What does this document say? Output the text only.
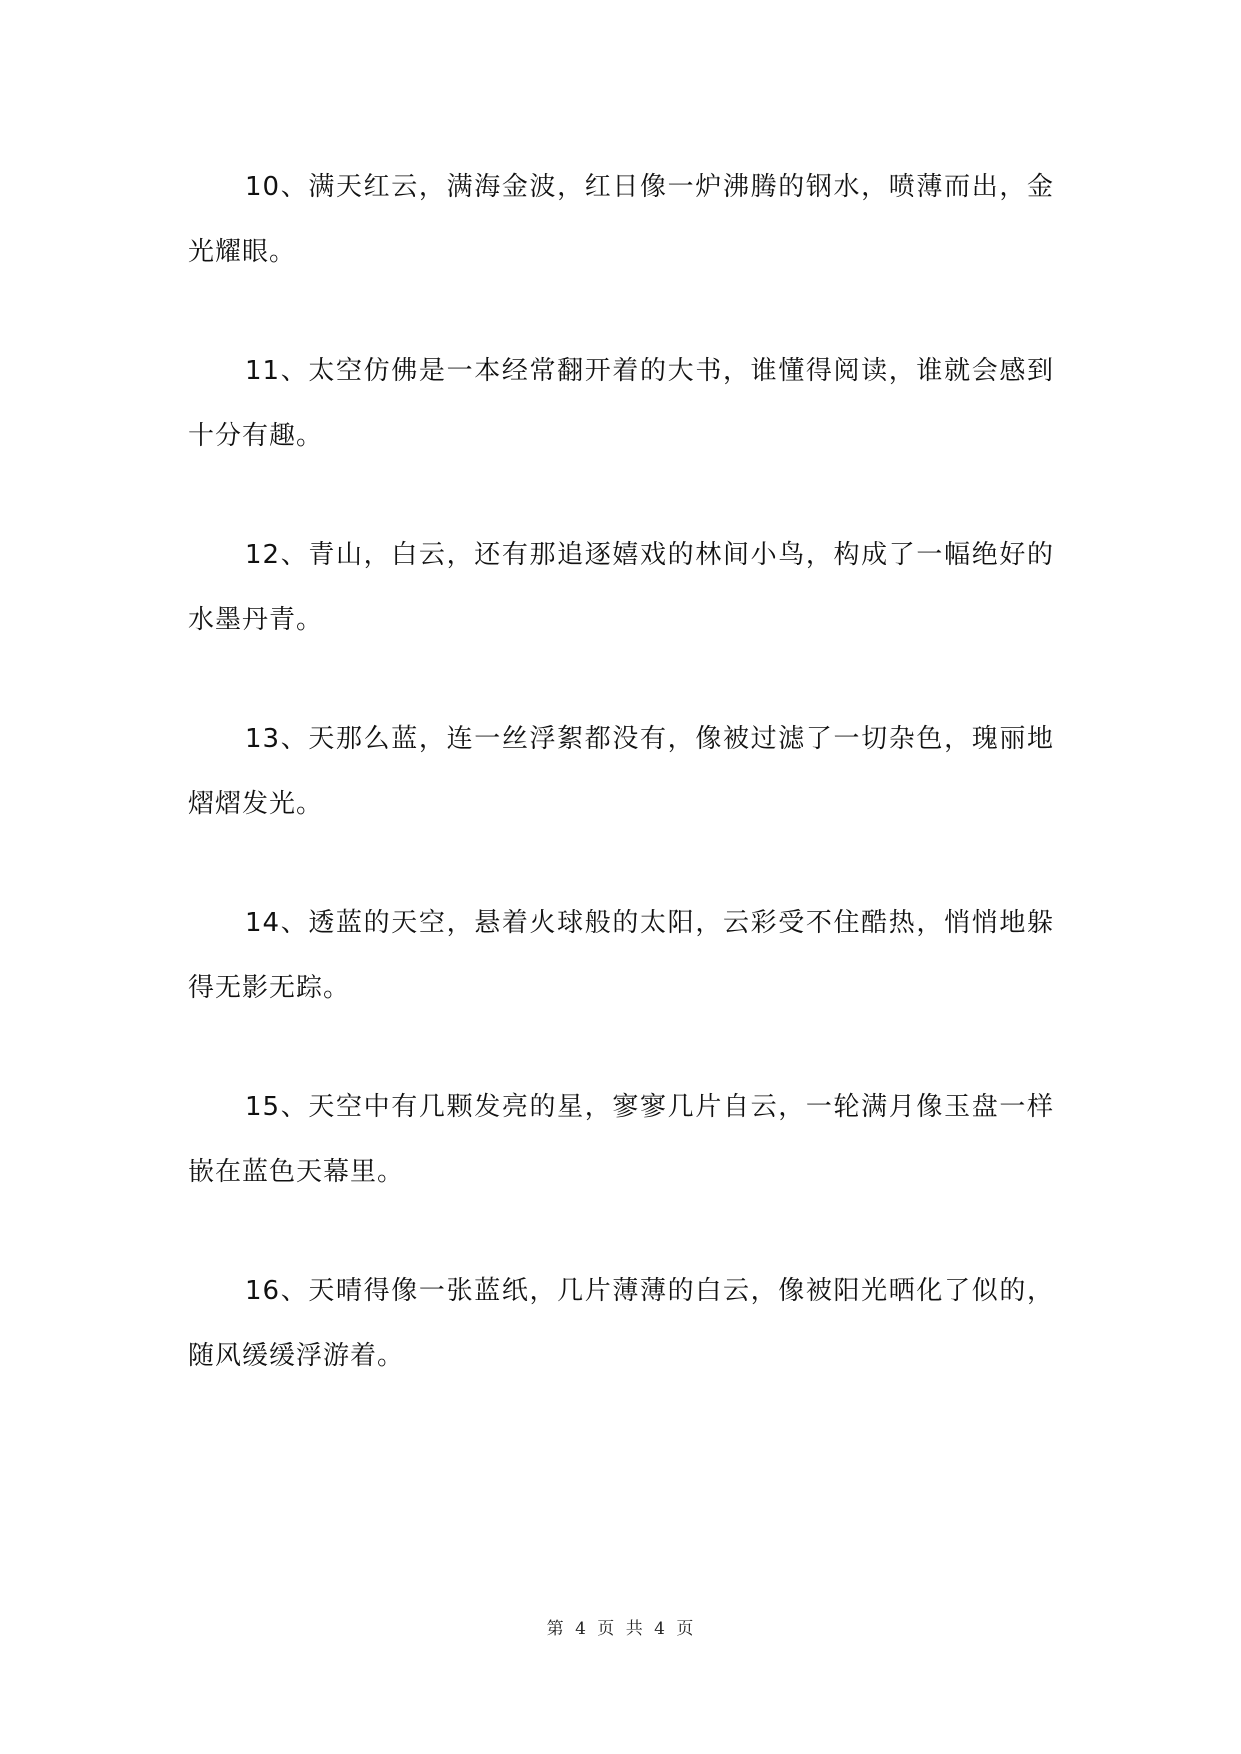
10、满天红云，满海金波，红日像一炉沸腾的钢水，喷薄而出，金光耀眼。

11、太空仿佛是一本经常翻开着的大书，谁懂得阅读，谁就会感到十分有趣。

12、青山，白云，还有那追逐嬉戏的林间小鸟，构成了一幅绝好的水墨丹青。

13、天那么蓝，连一丝浮絮都没有，像被过滤了一切杂色，瑰丽地熠熠发光。

14、透蓝的天空，悬着火球般的太阳，云彩受不住酷热，悄悄地躲得无影无踪。

15、天空中有几颗发亮的星，寥寥几片自云，一轮满月像玉盘一样嵌在蓝色天幕里。

16、天晴得像一张蓝纸，几片薄薄的白云，像被阳光晒化了似的，随风缓缓浮游着。

第 4 页 共 4 页
